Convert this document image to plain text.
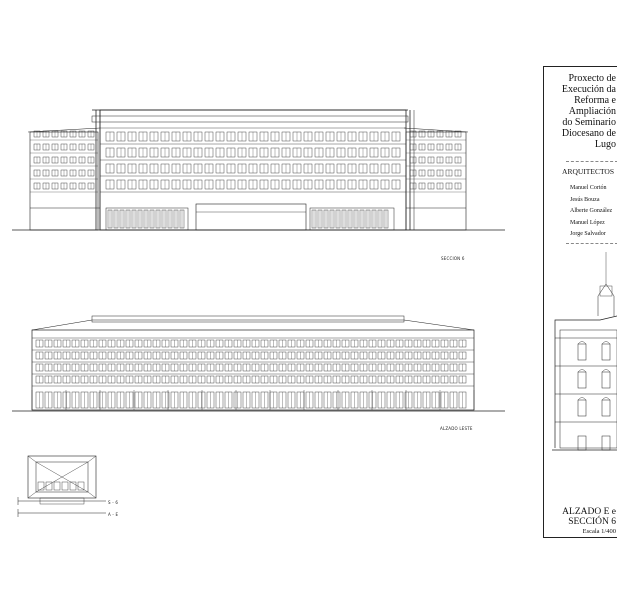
SECCION 6
ALZADO LESTE
S - 6
A - E
Proxecto de
Execución da
Reforma e
Ampliación
do Seminario
Diocesano de
Lugo
ARQUITECTOS
Manuel Cortón
Jesús Bouza
Alberte González
Manuel López
Jorge Salvador
ALZADO E e
SECCIÓN 6
Escala 1/400
